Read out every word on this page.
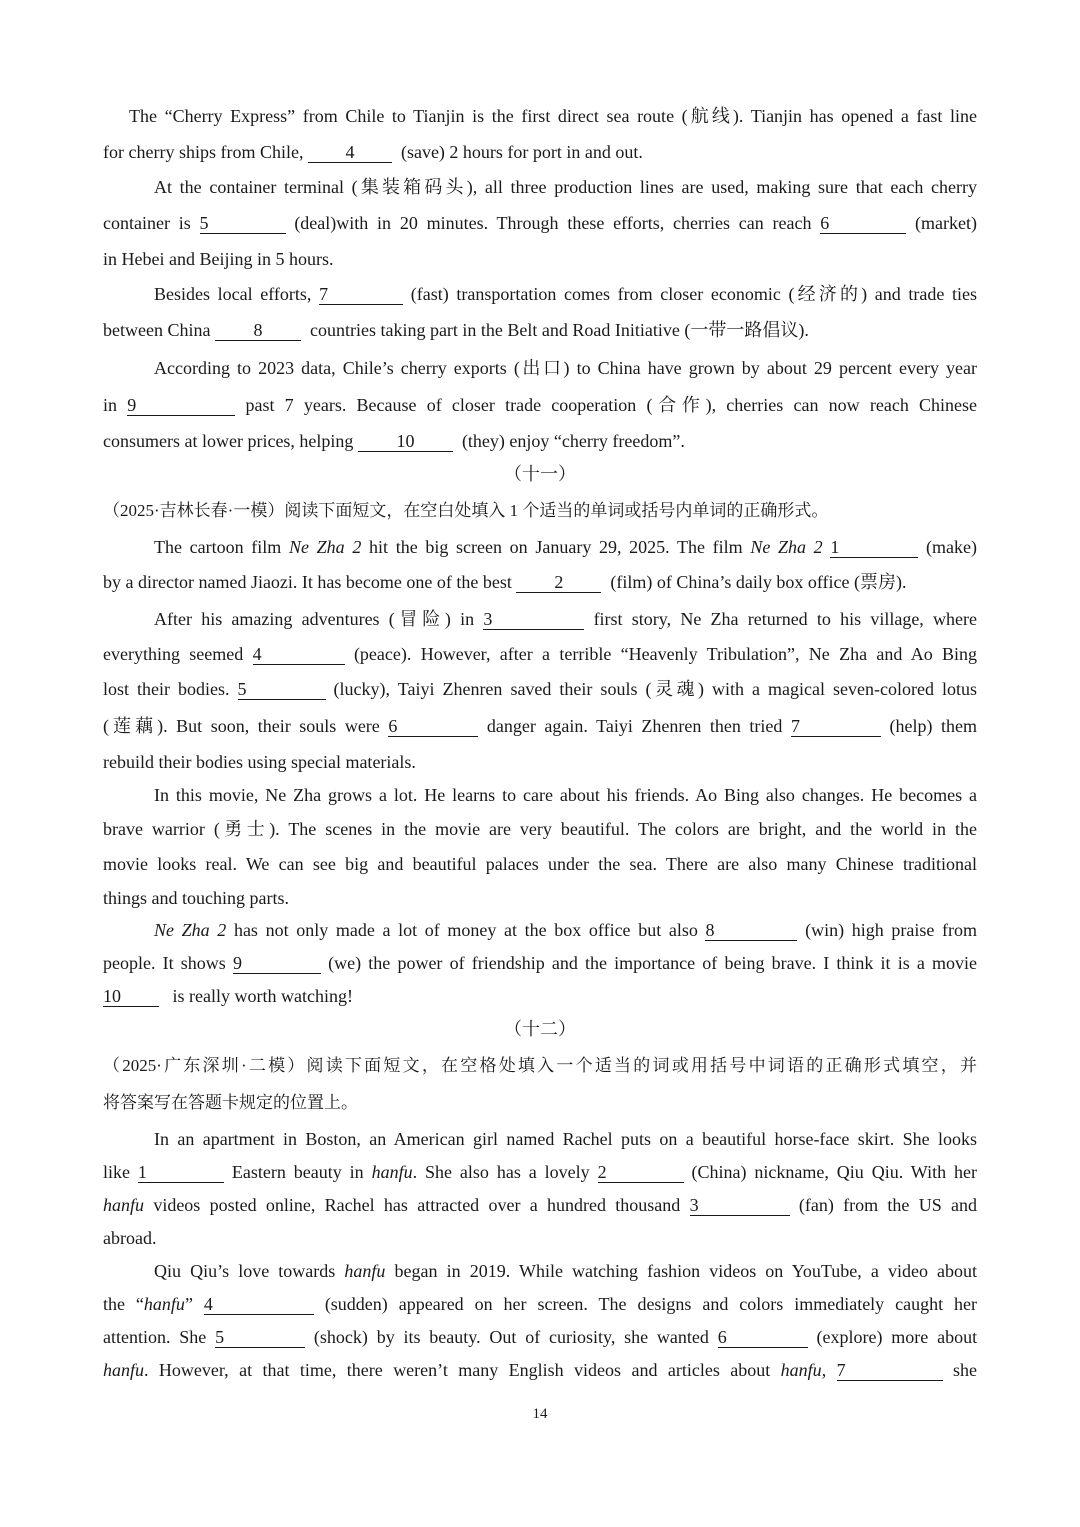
The “Cherry Express” from Chile to Tianjin is the first direct sea route (航线). Tianjin has opened a fast line
for cherry ships from Chile, 4	(save) 2 hours for port in and out.
At the container terminal (集装箱码头), all three production lines are used, making sure that each cherry
container is 5	(deal)with in 20 minutes. Through these efforts, cherries can reach 6	(market)
in Hebei and Beijing in 5 hours.
Besides local efforts, 7	(fast) transportation comes from closer economic (经济的) and trade ties
between China 8	countries taking part in the Belt and Road Initiative (一带一路倡议).
According to 2023 data, Chile’s cherry exports (出口) to China have grown by about 29 percent every year
in 9	past 7 years. Because of closer trade cooperation (合作), cherries can now reach Chinese
consumers at lower prices, helping 10	(they) enjoy “cherry freedom”.
（十一）
（2025·吉林长春·一模）阅读下面短文，在空白处填入 1 个适当的单词或括号内单词的正确形式。
The cartoon film Ne Zha 2 hit the big screen on January 29, 2025. The film Ne Zha 2 1	(make)
by a director named Jiaozi. It has become one of the best 2	(film) of China’s daily box office (票房).
After his amazing adventures (冒险) in 3	first story, Ne Zha returned to his village, where
everything seemed 4	(peace). However, after a terrible “Heavenly Tribulation”, Ne Zha and Ao Bing
lost their bodies. 5	(lucky), Taiyi Zhenren saved their souls (灵魂) with a magical seven-colored lotus
(莲藕). But soon, their souls were 6	danger again. Taiyi Zhenren then tried 7	(help) them
rebuild their bodies using special materials.
In this movie, Ne Zha grows a lot. He learns to care about his friends. Ao Bing also changes. He becomes a
brave warrior (勇士). The scenes in the movie are very beautiful. The colors are bright, and the world in the
movie looks real. We can see big and beautiful palaces under the sea. There are also many Chinese traditional
things and touching parts.
Ne Zha 2 has not only made a lot of money at the box office but also 8	(win) high praise from
people. It shows 9	(we) the power of friendship and the importance of being brave. I think it is a movie
10	is really worth watching!
（十二）
（2025·广东深圳·二模）阅读下面短文，在空格处填入一个适当的词或用括号中词语的正确形式填空，并
将答案写在答题卡规定的位置上。
In an apartment in Boston, an American girl named Rachel puts on a beautiful horse-face skirt. She looks
like 1	Eastern beauty in hanfu. She also has a lovely 2	(China) nickname, Qiu Qiu. With her
hanfu videos posted online, Rachel has attracted over a hundred thousand 3	(fan) from the US and
abroad.
Qiu Qiu’s love towards hanfu began in 2019. While watching fashion videos on YouTube, a video about
the “hanfu” 4	(sudden) appeared on her screen. The designs and colors immediately caught her
attention. She 5	(shock) by its beauty. Out of curiosity, she wanted 6	(explore) more about
hanfu. However, at that time, there weren’t many English videos and articles about hanfu, 7	she
14
